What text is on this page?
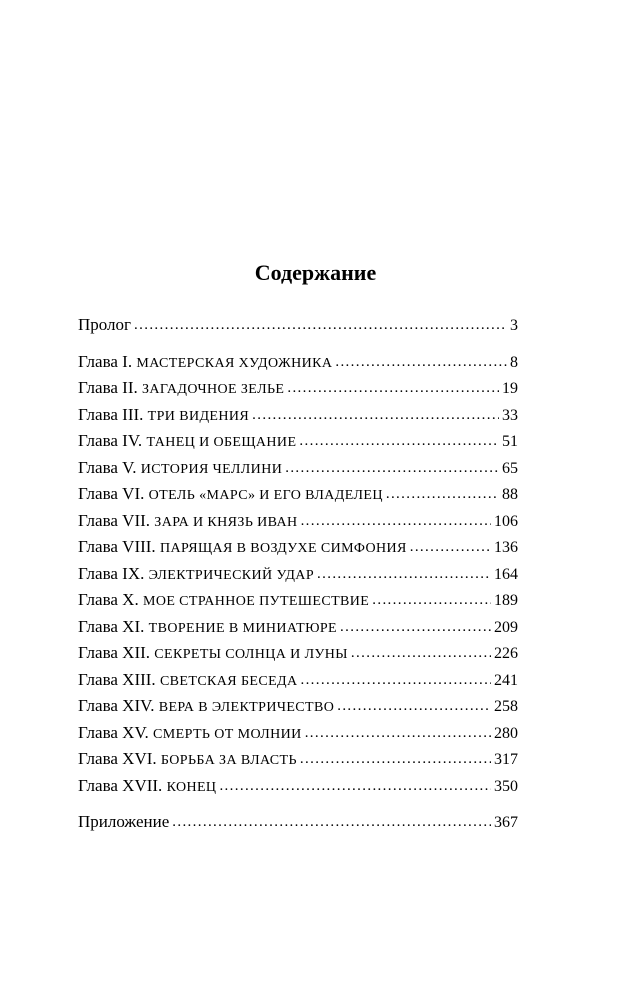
Содержание
Пролог . . .	3
Глава I. МАСТЕРСКАЯ ХУДОЖНИКА . . .	8
Глава II. ЗАГАДОЧНОЕ ЗЕЛЬЕ . . .	19
Глава III. ТРИ ВИДЕНИЯ . . .	33
Глава IV. ТАНЕЦ И ОБЕЩАНИЕ . . .	51
Глава V. ИСТОРИЯ ЧЕЛЛИНИ . . .	65
Глава VI. ОТЕЛЬ «МАРС» И ЕГО ВЛАДЕЛЕЦ . . .	88
Глава VII. ЗАРА И КНЯЗЬ ИВАН . . .	106
Глава VIII. ПАРЯЩАЯ В ВОЗДУХЕ СИМФОНИЯ . . .	136
Глава IX. ЭЛЕКТРИЧЕСКИЙ УДАР . . .	164
Глава X. МОЕ СТРАННОЕ ПУТЕШЕСТВИЕ . . .	189
Глава XI. ТВОРЕНИЕ В МИНИАТЮРЕ . . .	209
Глава XII. СЕКРЕТЫ СОЛНЦА И ЛУНЫ . . .	226
Глава XIII. СВЕТСКАЯ БЕСЕДА . . .	241
Глава XIV. ВЕРА В ЭЛЕКТРИЧЕСТВО . . .	258
Глава XV. СМЕРТЬ ОТ МОЛНИИ . . .	280
Глава XVI. БОРЬБА ЗА ВЛАСТЬ . . .	317
Глава XVII. КОНЕЦ . . .	350
Приложение . . .	367
